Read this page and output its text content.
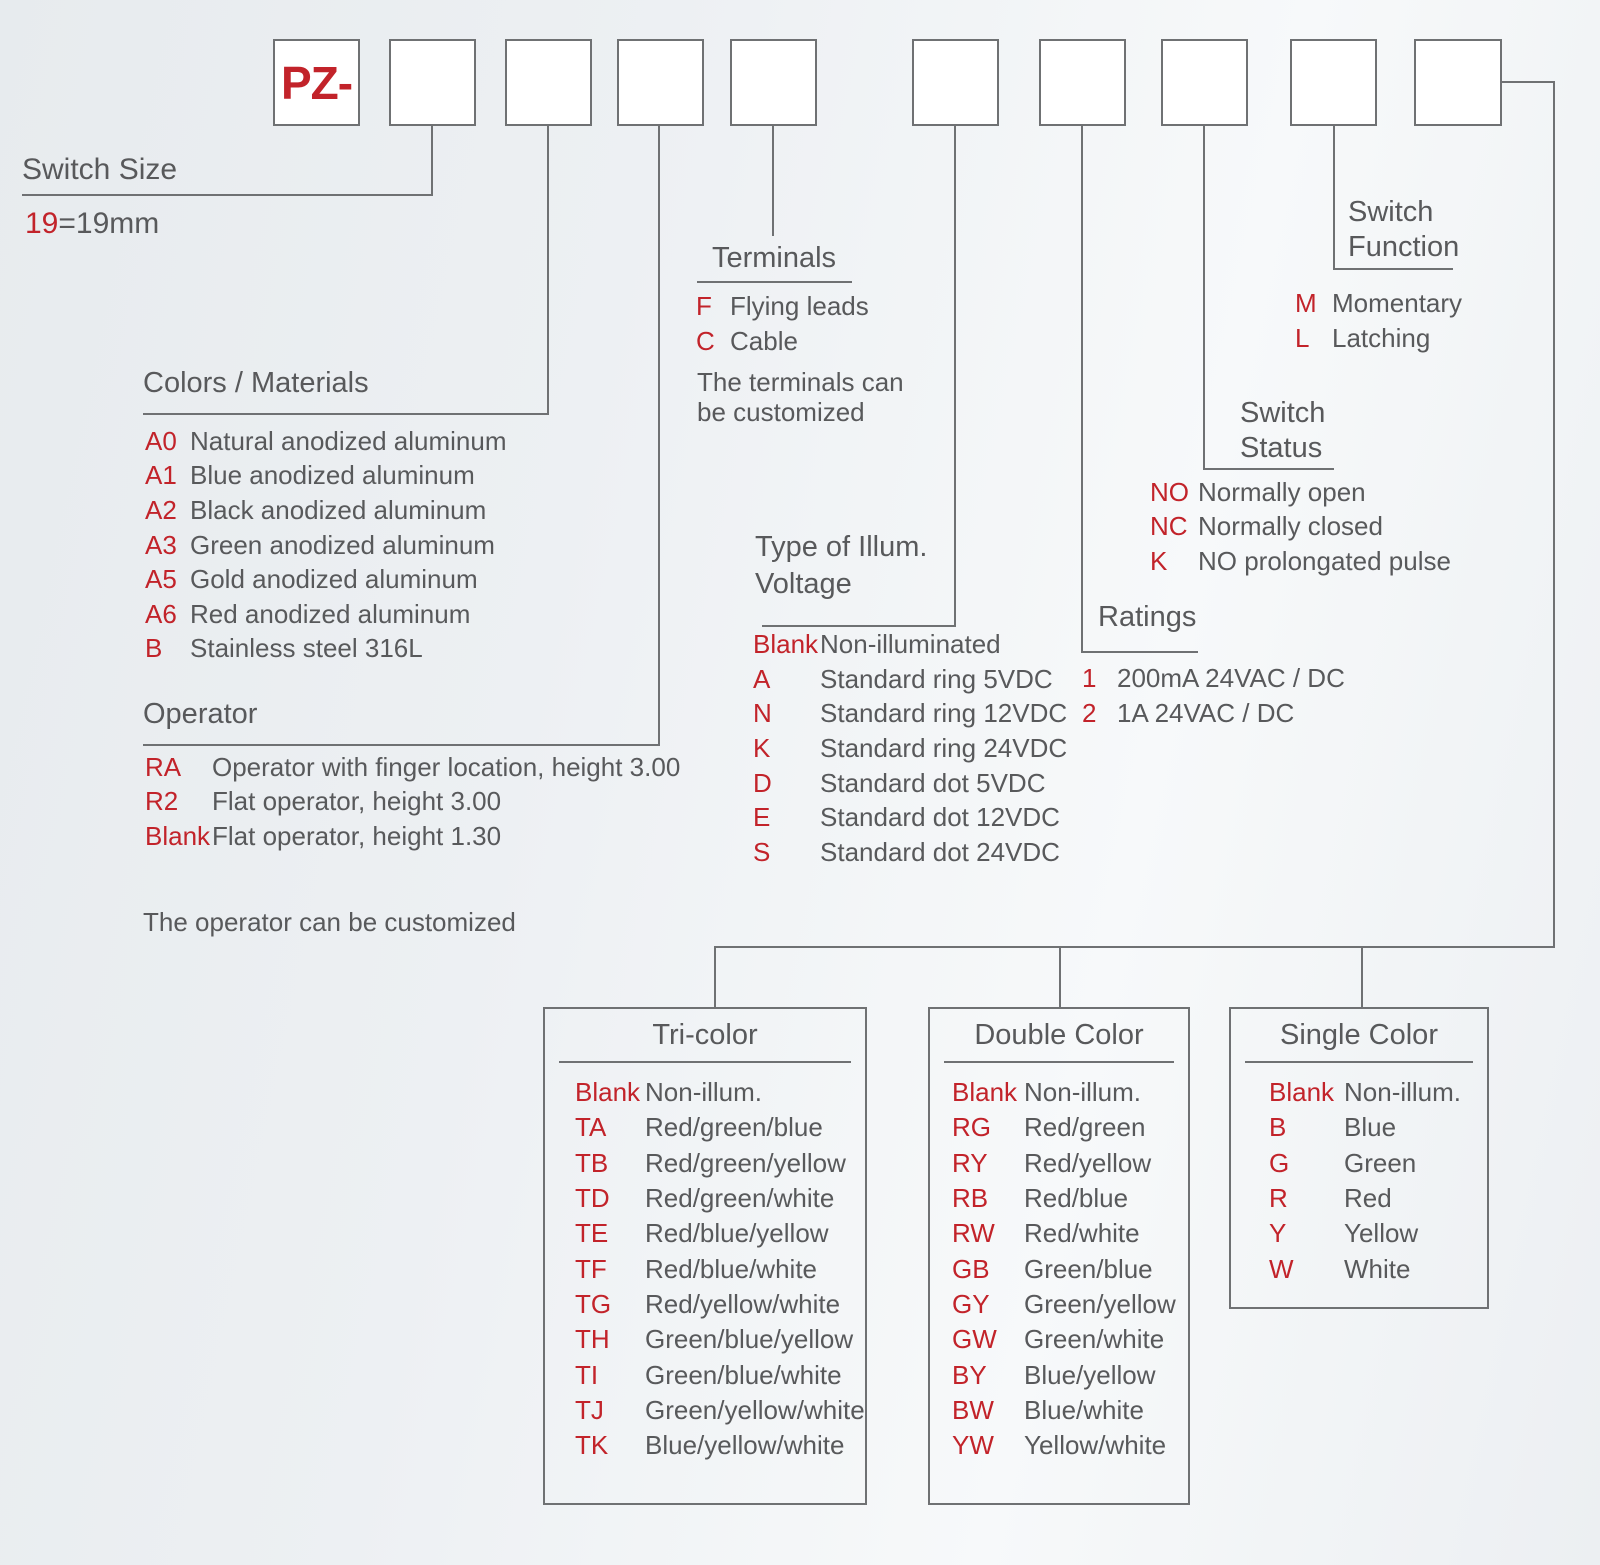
PZ-
Switch Size
19=19mm
Colors / Materials
A0 Natural anodized aluminum
A1 Blue anodized aluminum
A2 Black anodized aluminum
A3 Green anodized aluminum
A5 Gold anodized aluminum
A6 Red anodized aluminum
B	Stainless steel 316L
Operator
RA	Operator with finger location, height 3.00
R2	Flat operator, height 3.00
Blank Flat operator, height 1.30
The operator can be customized
Terminals
F Flying leads
C Cable
The terminals can
be customized
Type of Illum.
Voltage
Blank Non-illuminated
A	Standard ring 5VDC
N	Standard ring 12VDC
K	Standard ring 24VDC
D	Standard dot 5VDC
E	Standard dot 12VDC
S	Standard dot 24VDC
Ratings
1 200mA 24VAC / DC
2 1A 24VAC / DC
Switch
Status
NO Normally open
NC Normally closed
K	NO prolongated pulse
Switch
Function
M Momentary
L Latching
Tri-color
Blank Non-illum.
TA	Red/green/blue
TB	Red/green/yellow
TD	Red/green/white
TE	Red/blue/yellow
TF	Red/blue/white
TG	Red/yellow/white
TH	Green/blue/yellow
TI	Green/blue/white
TJ	Green/yellow/white
TK	Blue/yellow/white
Double Color
Blank Non-illum.
RG	Red/green
RY	Red/yellow
RB	Red/blue
RW	Red/white
GB	Green/blue
GY	Green/yellow
GW	Green/white
BY	Blue/yellow
BW	Blue/white
YW	Yellow/white
Single Color
Blank Non-illum.
B	Blue
G	Green
R	Red
Y	Yellow
W	White
